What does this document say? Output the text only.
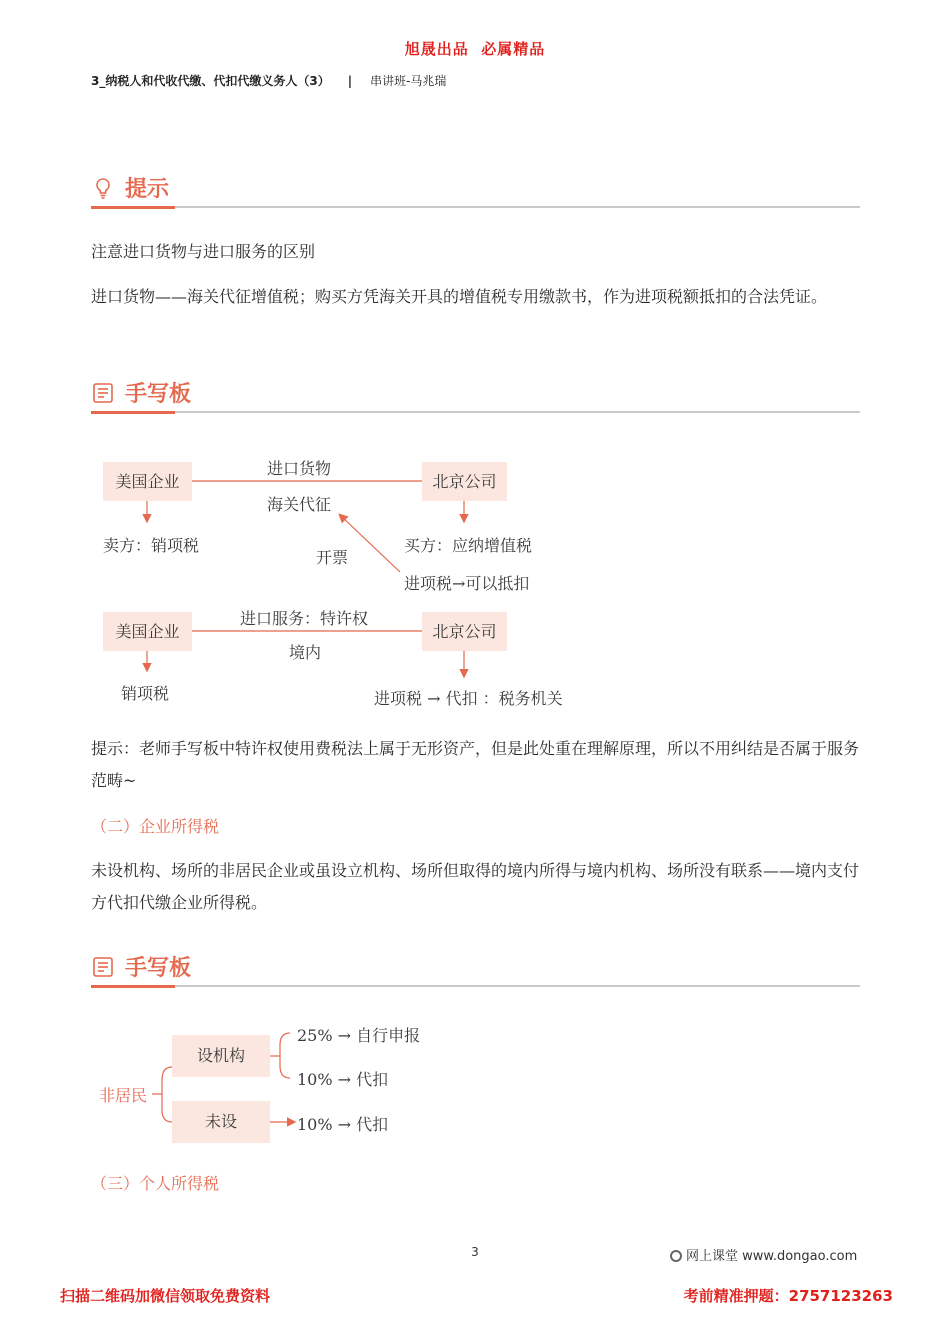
旭晟出品  必属精品
3_纳税人和代收代缴、代扣代缴义务人（3） | 串讲班-马兆瑞
提示
注意进口货物与进口服务的区别
进口货物——海关代征增值税；购买方凭海关开具的增值税专用缴款书，作为进项税额抵扣的合法凭证。
手写板
美国企业	北京公司
进口货物
海关代征
卖方：销项税	买方：应纳增值税
开票
进项税→可以抵扣
美国企业	北京公司
进口服务：特许权
境内
销项税	进项税 → 代扣 ：税务机关
提示：老师手写板中特许权使用费税法上属于无形资产，但是此处重在理解原理，所以不用纠结是否属于服务范畴~
（二）企业所得税
未设机构、场所的非居民企业或虽设立机构、场所但取得的境内所得与境内机构、场所没有联系——境内支付方代扣代缴企业所得税。
手写板
非居民
设机构
未设
25% → 自行申报
10% → 代扣
10% → 代扣
（三）个人所得税
3	网上课堂 www.dongao.com
扫描二维码加微信领取免费资料	考前精准押题：2757123263
